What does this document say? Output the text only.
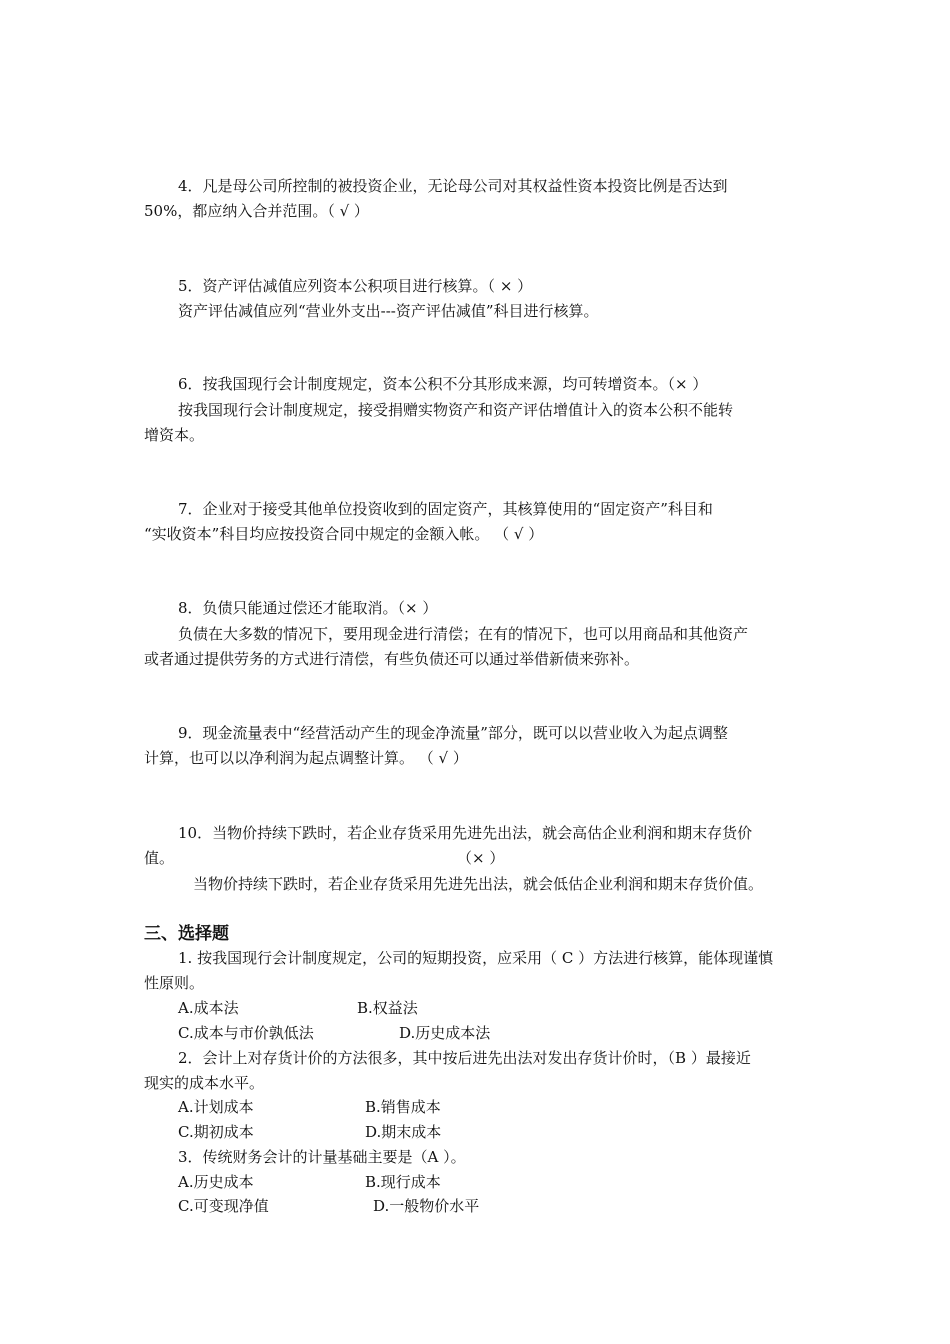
4．凡是母公司所控制的被投资企业，无论母公司对其权益性资本投资比例是否达到
50%，都应纳入合并范围。（ √ ）
5．资产评估减值应列资本公积项目进行核算。（ × ）
资产评估减值应列“营业外支出---资产评估减值”科目进行核算。
6．按我国现行会计制度规定，资本公积不分其形成来源，均可转增资本。（× ）
按我国现行会计制度规定，接受捐赠实物资产和资产评估增值计入的资本公积不能转
增资本。
7．企业对于接受其他单位投资收到的固定资产，其核算使用的“固定资产”科目和
“实收资本”科目均应按投资合同中规定的金额入帐。 （ √ ）
8．负债只能通过偿还才能取消。（× ）
负债在大多数的情况下，要用现金进行清偿；在有的情况下，也可以用商品和其他资产
或者通过提供劳务的方式进行清偿，有些负债还可以通过举借新债来弥补。
9．现金流量表中“经营活动产生的现金净流量”部分，既可以以营业收入为起点调整
计算，也可以以净利润为起点调整计算。 （ √ ）
10．当物价持续下跌时，若企业存货采用先进先出法，就会高估企业利润和期末存货价
值。	（× ）
当物价持续下跌时，若企业存货采用先进先出法，就会低估企业利润和期末存货价值。
三、选择题
1. 按我国现行会计制度规定，公司的短期投资，应采用（ C ）方法进行核算，能体现谨慎
性原则。
A.成本法	B.权益法
C.成本与市价孰低法	D.历史成本法
2．会计上对存货计价的方法很多，其中按后进先出法对发出存货计价时，（B ）最接近
现实的成本水平。
A.计划成本	B.销售成本
C.期初成本	D.期末成本
3．传统财务会计的计量基础主要是（A ）。
A.历史成本	B.现行成本
C.可变现净值	D.一般物价水平
